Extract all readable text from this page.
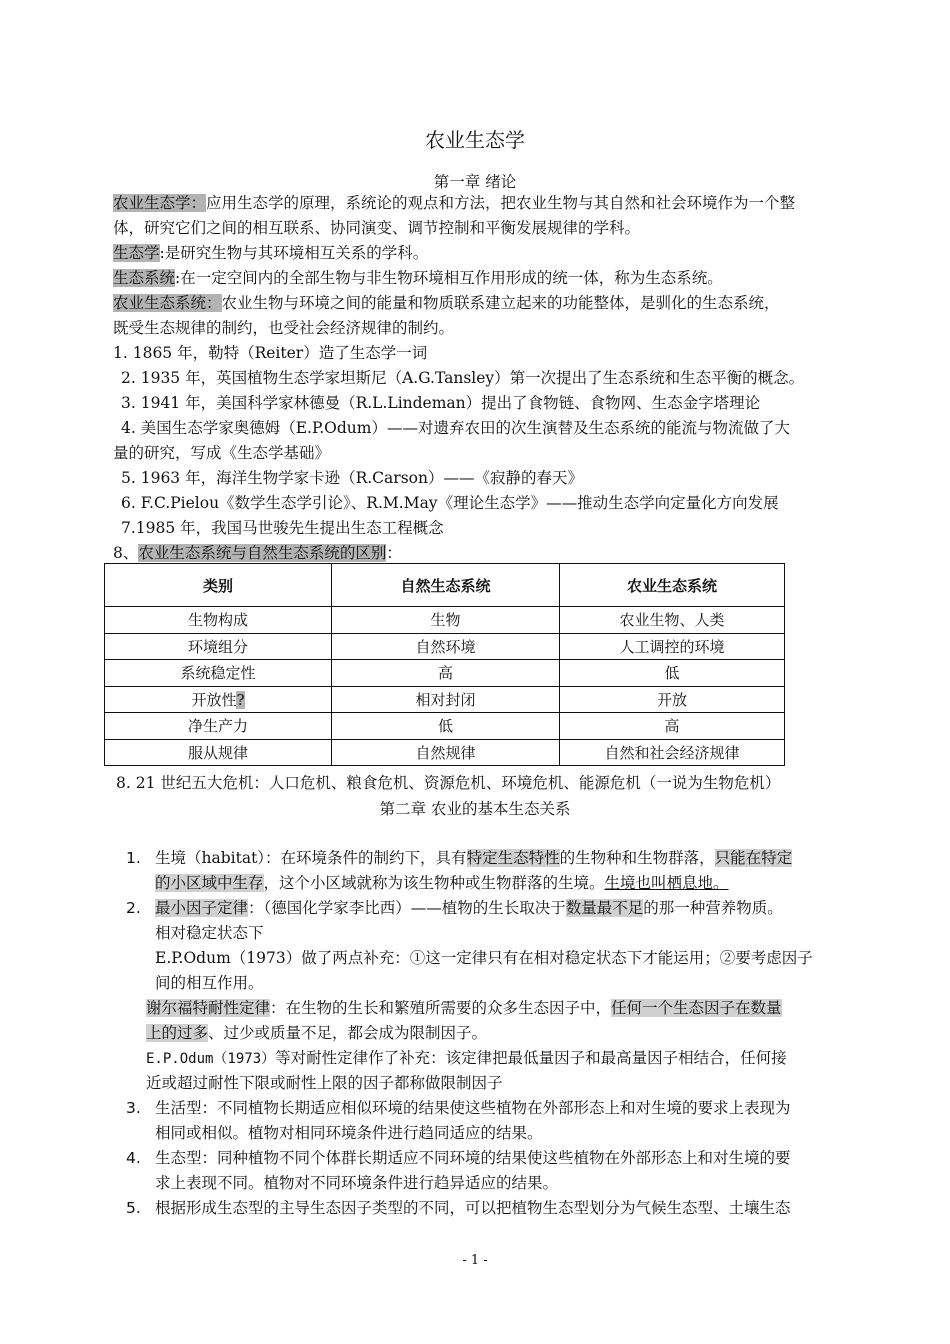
农业生态学
第一章 绪论
农业生态学：应用生态学的原理，系统论的观点和方法，把农业生物与其自然和社会环境作为一个整
体，研究它们之间的相互联系、协同演变、调节控制和平衡发展规律的学科。
生态学:是研究生物与其环境相互关系的学科。
生态系统:在一定空间内的全部生物与非生物环境相互作用形成的统一体，称为生态系统。
农业生态系统：农业生物与环境之间的能量和物质联系建立起来的功能整体，是驯化的生态系统，
既受生态规律的制约，也受社会经济规律的制约。
1. 1865 年，勒特（Reiter）造了生态学一词
2. 1935 年，英国植物生态学家坦斯尼（A.G.Tansley）第一次提出了生态系统和生态平衡的概念。
3. 1941 年，美国科学家林德曼（R.L.Lindeman）提出了食物链、食物网、生态金字塔理论
4. 美国生态学家奥德姆（E.P.Odum）——对遗弃农田的次生演替及生态系统的能流与物流做了大
量的研究，写成《生态学基础》
5. 1963 年，海洋生物学家卡逊（R.Carson）——《寂静的春天》
6. F.C.Pielou《数学生态学引论》、R.M.May《理论生态学》——推动生态学向定量化方向发展
7.1985 年，我国马世骏先生提出生态工程概念
8、农业生态系统与自然生态系统的区别：
类别	自然生态系统	农业生态系统
生物构成	生物	农业生物、人类
环境组分	自然环境	人工调控的环境
系统稳定性	高	低
开放性?	相对封闭	开放
净生产力	低	高
服从规律	自然规律	自然和社会经济规律
8. 21 世纪五大危机：人口危机、粮食危机、资源危机、环境危机、能源危机（一说为生物危机）
第二章 农业的基本生态关系
1. 生境（habitat）：在环境条件的制约下，具有特定生态特性的生物种和生物群落，只能在特定
的小区域中生存，这个小区域就称为该生物种或生物群落的生境。生境也叫栖息地。
2. 最小因子定律：（德国化学家李比西）——植物的生长取决于数量最不足的那一种营养物质。
相对稳定状态下
E.P.Odum（1973）做了两点补充：①这一定律只有在相对稳定状态下才能运用；②要考虑因子
间的相互作用。
谢尔福特耐性定律：在生物的生长和繁殖所需要的众多生态因子中，任何一个生态因子在数量
上的过多、过少或质量不足，都会成为限制因子。
E.P.Odum（1973）等对耐性定律作了补充：该定律把最低量因子和最高量因子相结合，任何接
近或超过耐性下限或耐性上限的因子都称做限制因子
3. 生活型：不同植物长期适应相似环境的结果使这些植物在外部形态上和对生境的要求上表现为
相同或相似。植物对相同环境条件进行趋同适应的结果。
4. 生态型：同种植物不同个体群长期适应不同环境的结果使这些植物在外部形态上和对生境的要
求上表现不同。植物对不同环境条件进行趋异适应的结果。
5. 根据形成生态型的主导生态因子类型的不同，可以把植物生态型划分为气候生态型、土壤生态
- 1 -
